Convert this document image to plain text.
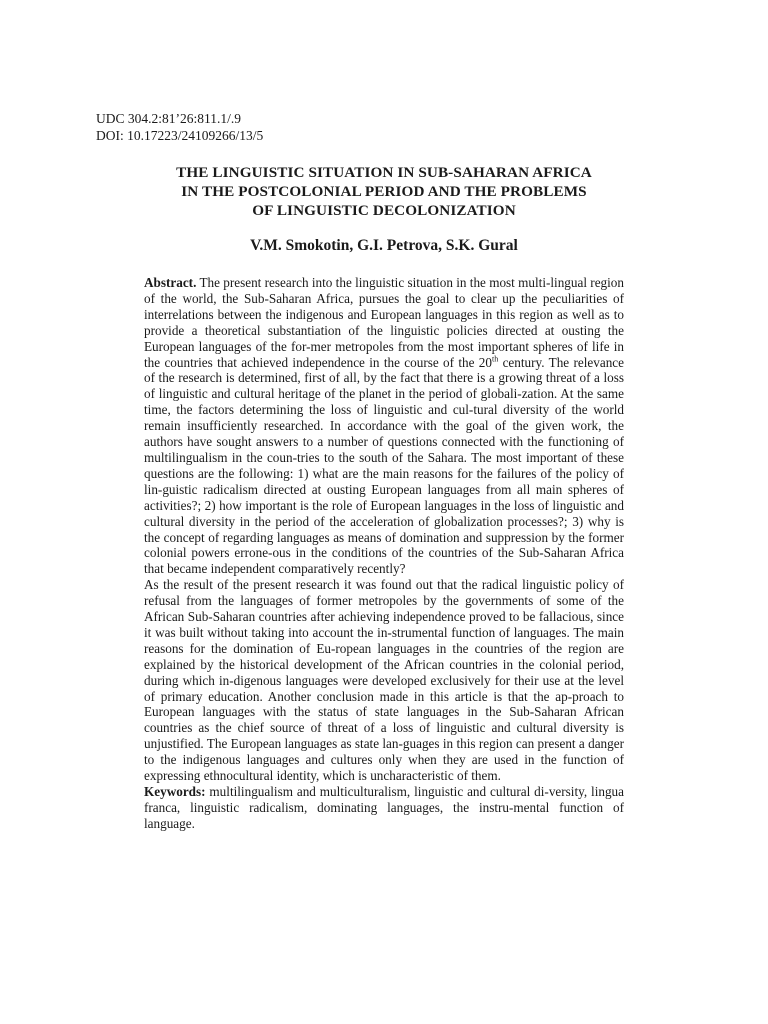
UDC 304.2:81’26:811.1/.9
DOI: 10.17223/24109266/13/5
THE LINGUISTIC SITUATION IN SUB-SAHARAN AFRICA
IN THE POSTCOLONIAL PERIOD AND THE PROBLEMS
OF LINGUISTIC DECOLONIZATION
V.M. Smokotin, G.I. Petrova, S.K. Gural

Abstract. The present research into the linguistic situation in the most multi-lingual region of the world, the Sub-Saharan Africa, pursues the goal to clear up the peculiarities of interrelations between the indigenous and European languages in this region as well as to provide a theoretical substantiation of the linguistic policies directed at ousting the European languages of the for-mer metropoles from the most important spheres of life in the countries that achieved independence in the course of the 20th century. The relevance of the research is determined, first of all, by the fact that there is a growing threat of a loss of linguistic and cultural heritage of the planet in the period of globali-zation. At the same time, the factors determining the loss of linguistic and cul-tural diversity of the world remain insufficiently researched. In accordance with the goal of the given work, the authors have sought answers to a number of questions connected with the functioning of multilingualism in the coun-tries to the south of the Sahara. The most important of these questions are the following: 1) what are the main reasons for the failures of the policy of lin-guistic radicalism directed at ousting European languages from all main spheres of activities?; 2) how important is the role of European languages in the loss of linguistic and cultural diversity in the period of the acceleration of globalization processes?; 3) why is the concept of regarding languages as means of domination and suppression by the former colonial powers errone-ous in the conditions of the countries of the Sub-Saharan Africa that became independent comparatively recently?

As the result of the present research it was found out that the radical linguistic policy of refusal from the languages of former metropoles by the governments of some of the African Sub-Saharan countries after achieving independence proved to be fallacious, since it was built without taking into account the in-strumental function of languages. The main reasons for the domination of Eu-ropean languages in the countries of the region are explained by the historical development of the African countries in the colonial period, during which in-digenous languages were developed exclusively for their use at the level of primary education. Another conclusion made in this article is that the ap-proach to European languages with the status of state languages in the Sub-Saharan African countries as the chief source of threat of a loss of linguistic and cultural diversity is unjustified. The European languages as state lan-guages in this region can present a danger to the indigenous languages and cultures only when they are used in the function of expressing ethnocultural identity, which is uncharacteristic of them.

Keywords: multilingualism and multiculturalism, linguistic and cultural di-versity, lingua franca, linguistic radicalism, dominating languages, the instru-mental function of language.
